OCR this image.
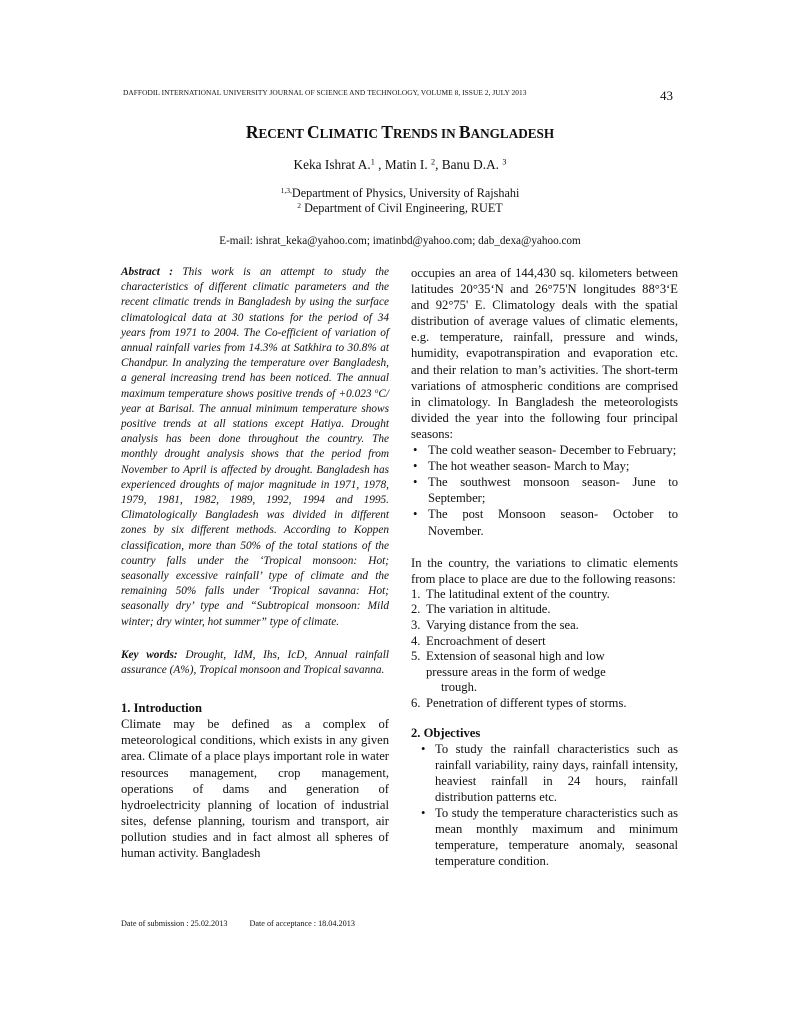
DAFFODIL INTERNATIONAL UNIVERSITY JOURNAL OF SCIENCE AND TECHNOLOGY, VOLUME 8, ISSUE 2, JULY 2013	43
RECENT CLIMATIC TRENDS IN BANGLADESH
Keka Ishrat A.$^1$ , Matin I. $^2$, Banu D.A. $^3$
$^{1,3,}$Department of Physics, University of Rajshahi
$^2$ Department of Civil Engineering, RUET
E-mail: ishrat_keka@yahoo.com; imatinbd@yahoo.com; dab_dexa@yahoo.com

Abstract : This work is an attempt to study the characteristics of different climatic parameters and the recent climatic trends in Bangladesh by using the surface climatological data at 30 stations for the period of 34 years from 1971 to 2004. The Co-efficient of variation of annual rainfall varies from 14.3% at Satkhira to 30.8% at Chandpur. In analyzing the temperature over Bangladesh, a general increasing trend has been noticed. The annual maximum temperature shows positive trends of +0.023 $^o$C/ year at Barisal. The annual minimum temperature shows positive trends at all stations except Hatiya. Drought analysis has been done throughout the country. The monthly drought analysis shows that the period from November to April is affected by drought. Bangladesh has experienced droughts of major magnitude in 1971, 1978, 1979, 1981, 1982, 1989, 1992, 1994 and 1995. Climatologically Bangladesh was divided in different zones by six different methods. According to Koppen classification, more than 50% of the total stations of the country falls under the ‘Tropical monsoon: Hot; seasonally excessive rainfall’ type of climate and the remaining 50% falls under ‘Tropical savanna: Hot; seasonally dry’ type and “Subtropical monsoon: Mild winter; dry winter, hot summer” type of climate.

Key words: Drought, IdM, Ihs, IcD, Annual rainfall assurance (A%), Tropical monsoon and Tropical savanna.

1. Introduction

Climate may be defined as a complex of meteorological conditions, which exists in any given area. Climate of a place plays important role in water resources management, crop management, operations of dams and generation of hydroelectricity planning of location of industrial sites, defense planning, tourism and transport, air pollution studies and in fact almost all spheres of human activity. Bangladesh

occupies an area of 144,430 sq. kilometers between latitudes 20°35‘N and 26°75'N longitudes 88°3‘E and 92°75' E. Climatology deals with the spatial distribution of average values of climatic elements, e.g. temperature, rainfall, pressure and winds, humidity, evapotranspiration and evaporation etc. and their relation to man’s activities. The short-term variations of atmospheric conditions are comprised in climatology. In Bangladesh the meteorologists divided the year into the following four principal seasons:

• The cold weather season- December to February;
• The hot weather season- March to May;
• The southwest monsoon season- June to September;
• The post Monsoon season- October to November.

In the country, the variations to climatic elements from place to place are due to the following reasons:

1. The latitudinal extent of the country.
2. The variation in altitude.
3. Varying distance from the sea.
4. Encroachment of desert
5. Extension of seasonal high and low
pressure areas in the form of wedge
trough.
6. Penetration of different types of storms.

2. Objectives

• To study the rainfall characteristics such as rainfall variability, rainy days, rainfall intensity, heaviest rainfall in 24 hours, rainfall distribution patterns etc.
• To study the temperature characteristics such as mean monthly maximum and minimum temperature, temperature anomaly, seasonal temperature condition.
Date of submission : 25.02.2013	Date of acceptance : 18.04.2013
